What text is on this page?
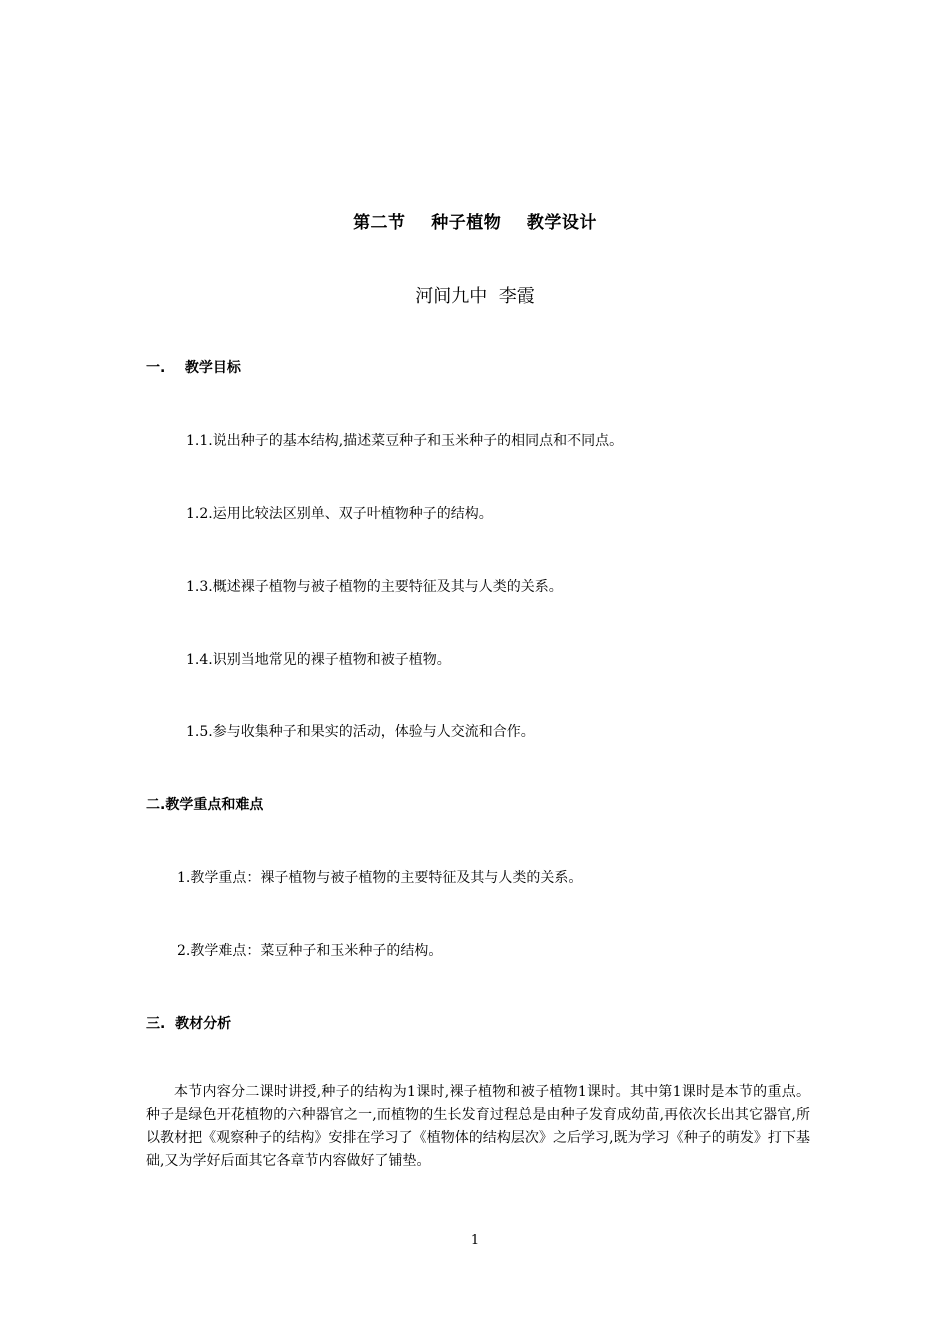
第二节    种子植物    教学设计
河间九中  李霞
一.    教学目标
1.1.说出种子的基本结构,描述菜豆种子和玉米种子的相同点和不同点。
1.2.运用比较法区别单、双子叶植物种子的结构。
1.3.概述裸子植物与被子植物的主要特征及其与人类的关系。
1.4.识别当地常见的裸子植物和被子植物。
1.5.参与收集种子和果实的活动，体验与人交流和合作。
二.教学重点和难点
1.教学重点：裸子植物与被子植物的主要特征及其与人类的关系。
2.教学难点：菜豆种子和玉米种子的结构。
三.  教材分析
本节内容分二课时讲授,种子的结构为1课时,裸子植物和被子植物1课时。其中第1课时是本节的重点。 种子是绿色开花植物的六种器官之一,而植物的生长发育过程总是由种子发育成幼苗,再依次长出其它器官,所以教材把《观察种子的结构》安排在学习了《植物体的结构层次》之后学习,既为学习《种子的萌发》打下基础,又为学好后面其它各章节内容做好了铺垫。
1
